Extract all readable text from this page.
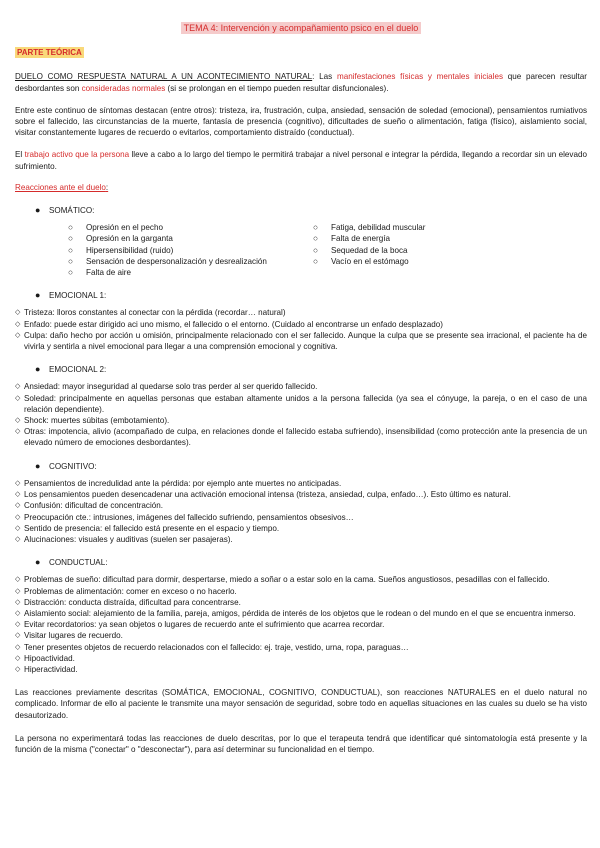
TEMA 4: Intervención y acompañamiento psico en el duelo
PARTE TEÓRICA

DUELO COMO RESPUESTA NATURAL A UN ACONTECIMIENTO NATURAL: Las manifestaciones físicas y mentales iniciales que parecen resultar desbordantes son consideradas normales (si se prolongan en el tiempo pueden resultar disfuncionales).

Entre este continuo de síntomas destacan (entre otros): tristeza, ira, frustración, culpa, ansiedad, sensación de soledad (emocional), pensamientos rumiativos sobre el fallecido, las circunstancias de la muerte, fantasía de presencia (cognitivo), dificultades de sueño o alimentación, fatiga (físico), aislamiento social, visitar constantemente lugares de recuerdo o evitarlos, comportamiento distraído (conductual).

El trabajo activo que la persona lleve a cabo a lo largo del tiempo le permitirá trabajar a nivel personal e integrar la pérdida, llegando a recordar sin un elevado sufrimiento.

Reacciones ante el duelo:
●	SOMÁTICO:
○	Opresión en el pecho
○	Opresión en la garganta
○	Hipersensibilidad (ruido)
○	Sensación de despersonalización y desrealización
○	Falta de aire
○	Fatiga, debilidad muscular
○	Falta de energía
○	Sequedad de la boca
○	Vacío en el estómago
●	EMOCIONAL 1:
◇ Tristeza: lloros constantes al conectar con la pérdida (recordar… natural)
◇ Enfado: puede estar dirigido aci uno mismo, el fallecido o el entorno. (Cuidado al encontrarse un enfado desplazado)
◇ Culpa: daño hecho por acción u omisión, principalmente relacionado con el ser fallecido. Aunque la culpa que se presente sea irracional, el paciente ha de vivirla y sentirla a nivel emocional para llegar a una comprensión emocional y cognitiva.
●	EMOCIONAL 2:
◇ Ansiedad: mayor inseguridad al quedarse solo tras perder al ser querido fallecido.
◇ Soledad: principalmente en aquellas personas que estaban altamente unidos a la persona fallecida (ya sea el cónyuge, la pareja, o en el caso de una relación dependiente).
◇ Shock: muertes súbitas (embotamiento).
◇ Otras: impotencia, alivio (acompañado de culpa, en relaciones donde el fallecido estaba sufriendo), insensibilidad (como protección ante la presencia de un elevado número de emociones desbordantes).
●	COGNITIVO:
◇ Pensamientos de incredulidad ante la pérdida: por ejemplo ante muertes no anticipadas.
◇ Los pensamientos pueden desencadenar una activación emocional intensa (tristeza, ansiedad, culpa, enfado…). Esto último es natural.
◇ Confusión: dificultad de concentración.
◇ Preocupación cte.: intrusiones, imágenes del fallecido sufriendo, pensamientos obsesivos…
◇ Sentido de presencia: el fallecido está presente en el espacio y tiempo.
◇ Alucinaciones: visuales y auditivas (suelen ser pasajeras).
●	CONDUCTUAL:
◇ Problemas de sueño: dificultad para dormir, despertarse, miedo a soñar o a estar solo en la cama. Sueños angustiosos, pesadillas con el fallecido.
◇ Problemas de alimentación: comer en exceso o no hacerlo.
◇ Distracción: conducta distraída, dificultad para concentrarse.
◇ Aislamiento social: alejamiento de la familia, pareja, amigos, pérdida de interés de los objetos que le rodean o del mundo en el que se encuentra inmerso.
◇ Evitar recordatorios: ya sean objetos o lugares de recuerdo ante el sufrimiento que acarrea recordar.
◇ Visitar lugares de recuerdo.
◇ Tener presentes objetos de recuerdo relacionados con el fallecido: ej. traje, vestido, urna, ropa, paraguas…
◇ Hipoactividad.
◇ Hiperactividad.

Las reacciones previamente descritas (SOMÁTICA, EMOCIONAL, COGNITIVO, CONDUCTUAL), son reacciones NATURALES en el duelo natural no complicado. Informar de ello al paciente le transmite una mayor sensación de seguridad, sobre todo en aquellas situaciones en las cuales su duelo se ha visto desautorizado.

La persona no experimentará todas las reacciones de duelo descritas, por lo que el terapeuta tendrá que identificar qué sintomatología está presente y la función de la misma ("conectar" o "desconectar"), para así determinar su funcionalidad en el tiempo.
